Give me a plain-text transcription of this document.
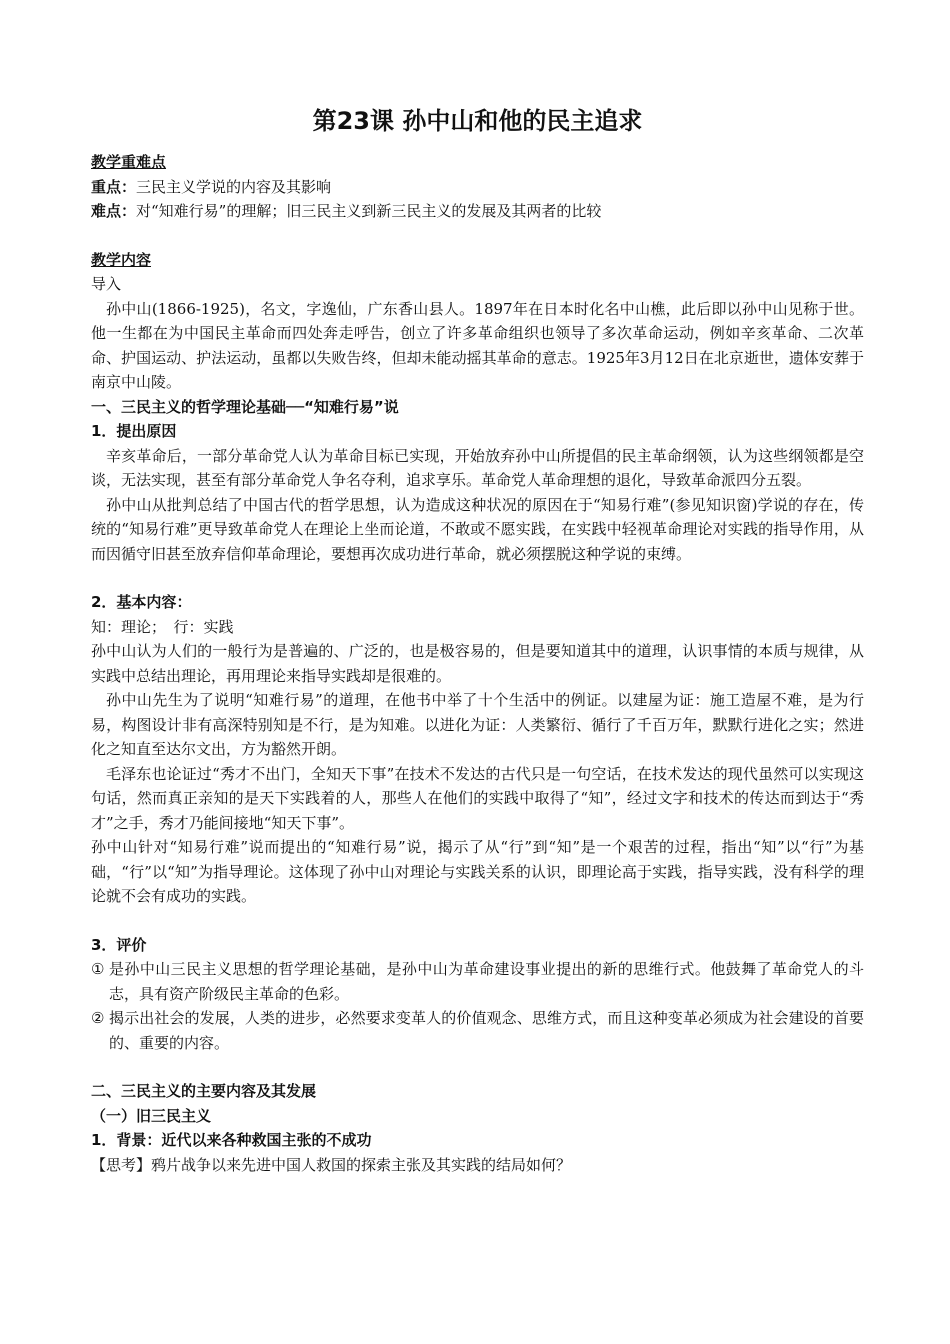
第23课 孙中山和他的民主追求

教学重难点

重点：三民主义学说的内容及其影响

难点：对“知难行易”的理解；旧三民主义到新三民主义的发展及其两者的比较

教学内容

导入

孙中山(1866-1925)，名文，字逸仙，广东香山县人。1897年在日本时化名中山樵，此后即以孙中山见称于世。他一生都在为中国民主革命而四处奔走呼告，创立了许多革命组织也领导了多次革命运动，例如辛亥革命、二次革命、护国运动、护法运动，虽都以失败告终，但却未能动摇其革命的意志。1925年3月12日在北京逝世，遗体安葬于南京中山陵。

一、三民主义的哲学理论基础──“知难行易”说

1．提出原因

辛亥革命后，一部分革命党人认为革命目标已实现，开始放弃孙中山所提倡的民主革命纲领，认为这些纲领都是空谈，无法实现，甚至有部分革命党人争名夺利，追求享乐。革命党人革命理想的退化，导致革命派四分五裂。

孙中山从批判总结了中国古代的哲学思想，认为造成这种状况的原因在于“知易行难”(参见知识窗)学说的存在，传统的“知易行难”更导致革命党人在理论上坐而论道，不敢或不愿实践，在实践中轻视革命理论对实践的指导作用，从而因循守旧甚至放弃信仰革命理论，要想再次成功进行革命，就必须摆脱这种学说的束缚。

2．基本内容：

知：理论；　行：实践

孙中山认为人们的一般行为是普遍的、广泛的，也是极容易的，但是要知道其中的道理，认识事情的本质与规律，从实践中总结出理论，再用理论来指导实践却是很难的。

孙中山先生为了说明“知难行易”的道理，在他书中举了十个生活中的例证。以建屋为证：施工造屋不难，是为行易，构图设计非有高深特别知是不行，是为知难。以进化为证：人类繁衍、循行了千百万年，默默行进化之实；然进化之知直至达尔文出，方为豁然开朗。

毛泽东也论证过“秀才不出门，全知天下事”在技术不发达的古代只是一句空话，在技术发达的现代虽然可以实现这句话，然而真正亲知的是天下实践着的人，那些人在他们的实践中取得了“知”，经过文字和技术的传达而到达于“秀才”之手，秀才乃能间接地“知天下事”。

孙中山针对“知易行难”说而提出的“知难行易”说，揭示了从“行”到“知”是一个艰苦的过程，指出“知”以“行”为基础，“行”以“知”为指导理论。这体现了孙中山对理论与实践关系的认识，即理论高于实践，指导实践，没有科学的理论就不会有成功的实践。

3．评价

① 是孙中山三民主义思想的哲学理论基础，是孙中山为革命建设事业提出的新的思维行式。他鼓舞了革命党人的斗志，具有资产阶级民主革命的色彩。
② 揭示出社会的发展，人类的进步，必然要求变革人的价值观念、思维方式，而且这种变革必须成为社会建设的首要的、重要的内容。

二、三民主义的主要内容及其发展

（一）旧三民主义

1．背景：近代以来各种救国主张的不成功

【思考】鸦片战争以来先进中国人救国的探索主张及其实践的结局如何？
